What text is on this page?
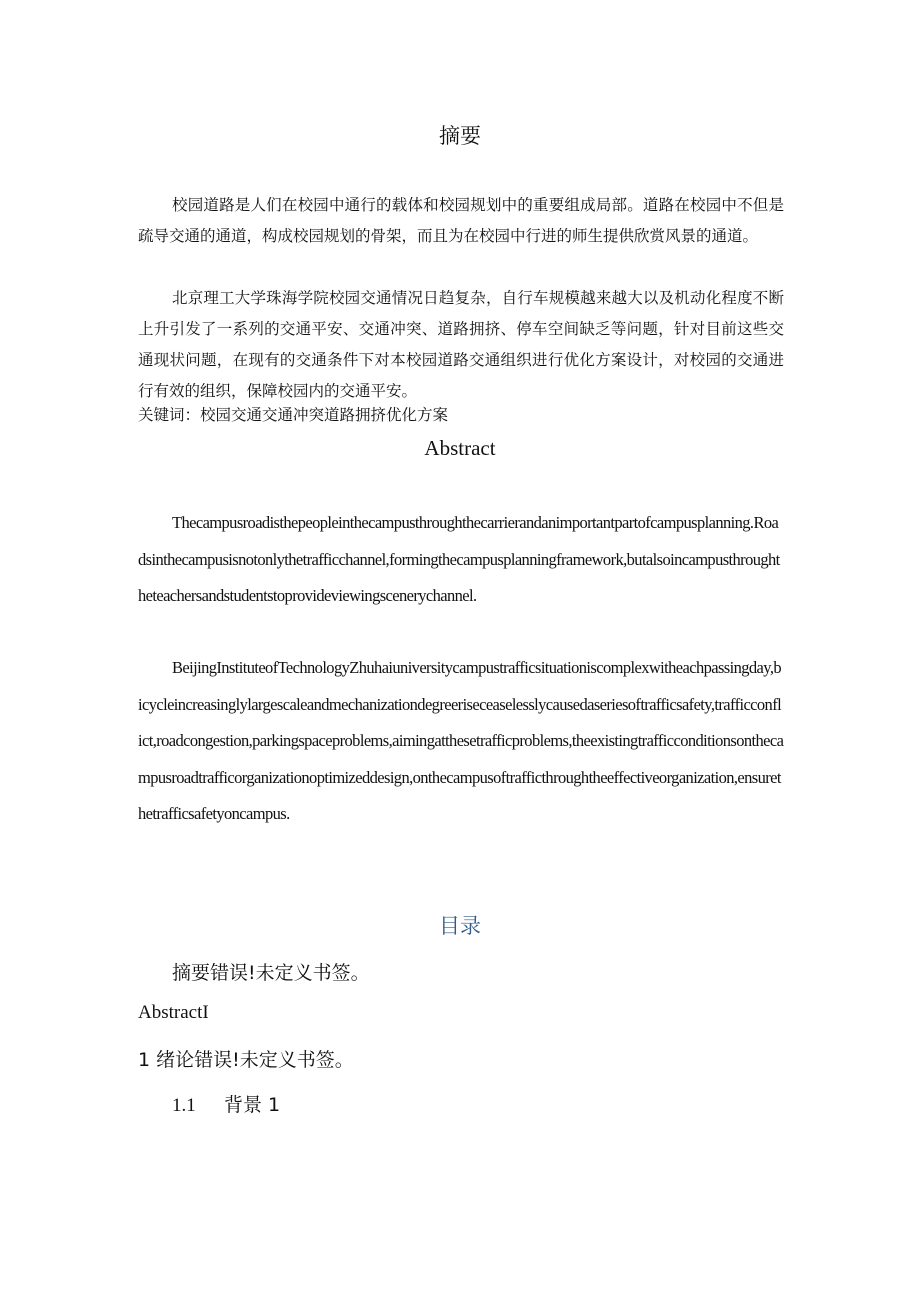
摘要

校园道路是人们在校园中通行的载体和校园规划中的重要组成局部。道路在校园中不但是疏导交通的通道，构成校园规划的骨架，而且为在校园中行进的师生提供欣赏风景的通道。

北京理工大学珠海学院校园交通情况日趋复杂，自行车规模越来越大以及机动化程度不断上升引发了一系列的交通平安、交通冲突、道路拥挤、停车空间缺乏等问题，针对目前这些交通现状问题，在现有的交通条件下对本校园道路交通组织进行优化方案设计，对校园的交通进行有效的组织，保障校园内的交通平安。

关键词：校园交通交通冲突道路拥挤优化方案
Abstract

Thecampusroadisthepeopleinthecampusthroughthecarrierandanimportantpartofcampusplanning.Roadsinthecampusisnotonlythetrafficchannel,formingthecampusplanningframework,butalsoincampusthroughtheteachersandstudentstoprovideviewingscenerychannel.

BeijingInstituteofTechnologyZhuhaiuniversitycampustrafficsituationiscomplexwitheachpassingday,bicycleincreasinglylargescaleandmechanizationdegreeriseceaselesslycausedaseriesoftrafficsafety,trafficconflict,roadcongestion,parkingspaceproblems,aimingatthesetrafficproblems,theexistingtrafficconditionsonthecampusroadtrafficorganizationoptimizeddesign,onthecampusoftrafficthroughtheeffectiveorganization,ensurethetrafficsafetyoncampus.

目录
摘要错误!未定义书签。
AbstractI
1 绪论错误!未定义书签。
1.1 背景 1
